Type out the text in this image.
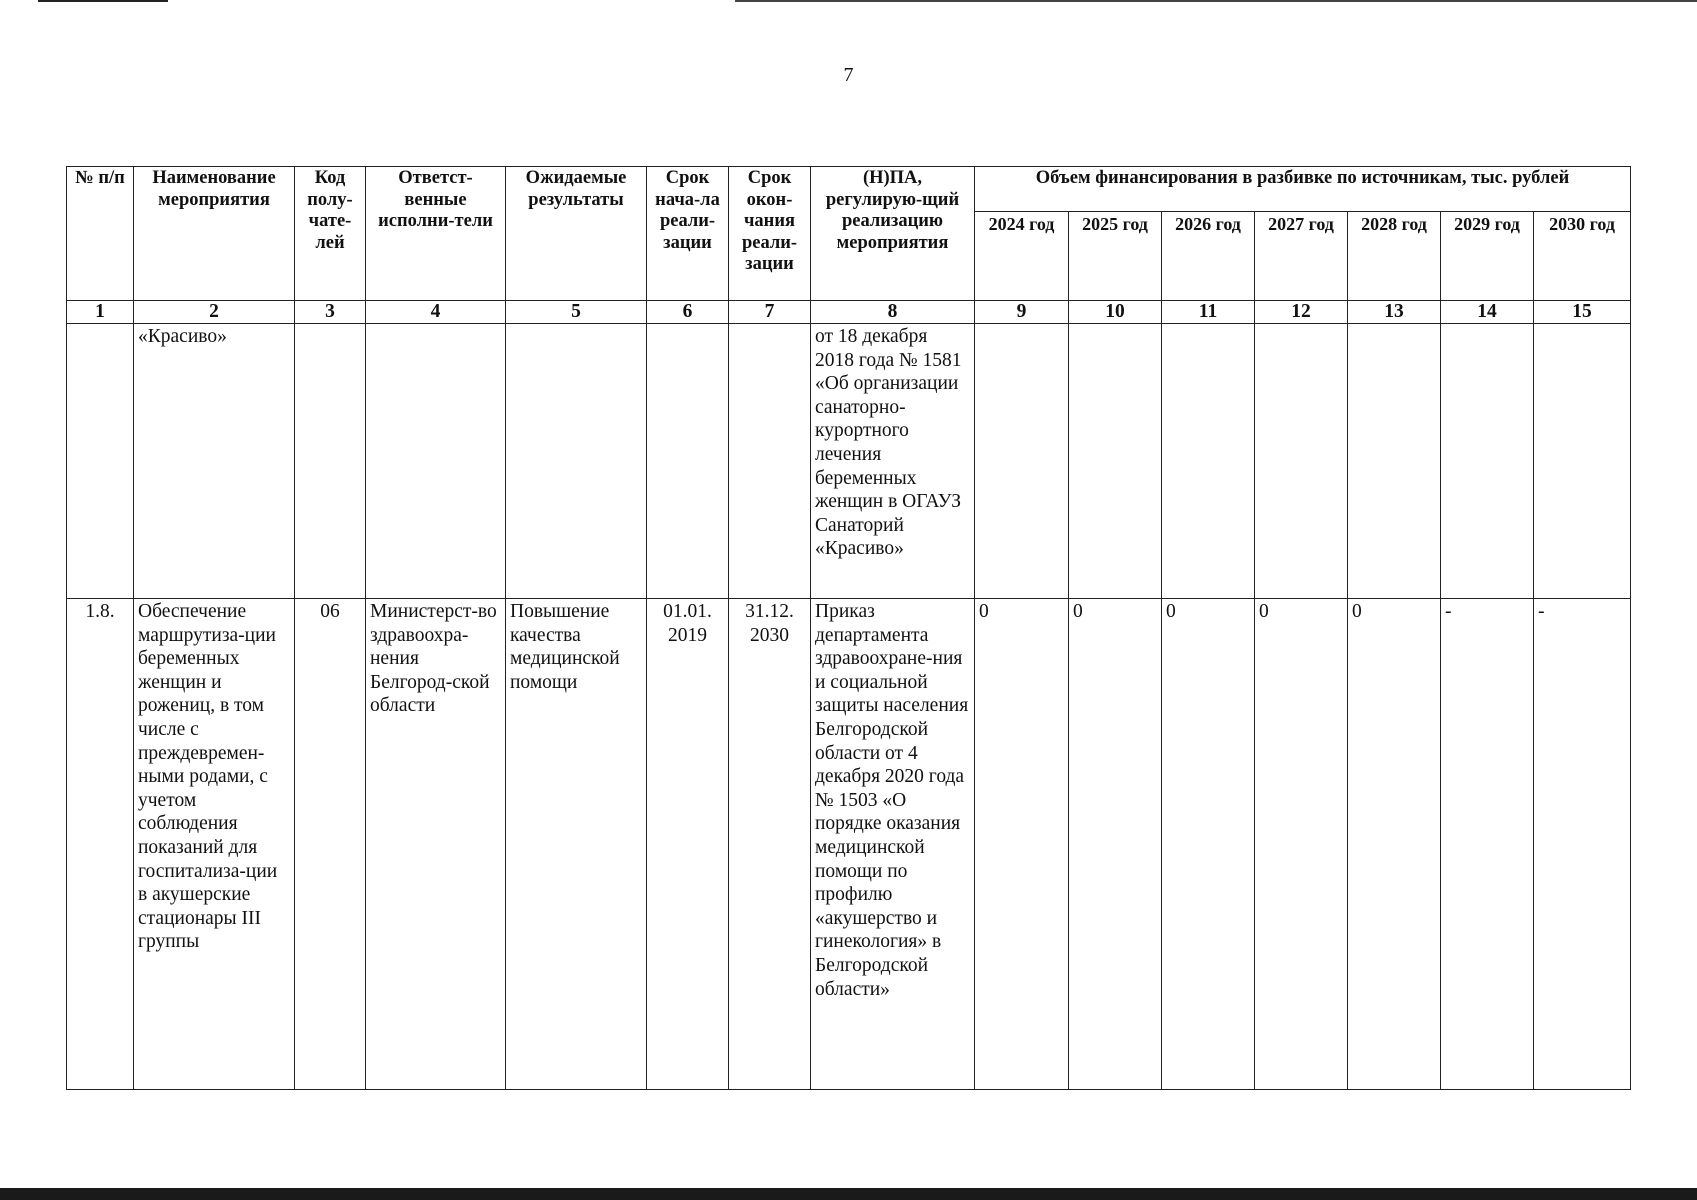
7
№ п/п	Наименование мероприятия	Код полу-чате-лей	Ответст-венные исполни-тели	Ожидаемые результаты	Срок нача-ла реали-зации	Срок окон-чания реали-зации	(Н)ПА, регулирую-щий реализацию мероприятия	Объем финансирования в разбивке по источникам, тыс. рублей						
								2024 год	2025 год	2026 год	2027 год	2028 год	2029 год	2030 год
1	2	3	4	5	6	7	8	9	10	11	12	13	14	15
	«Красиво»						от 18 декабря 2018 года № 1581 «Об организации санаторно-курортного лечения беременных женщин в ОГАУЗ Санаторий «Красиво»							
1.8.	Обеспечение маршрутиза-ции беременных женщин и рожениц, в том числе с преждевремен-ными родами, с учетом соблюдения показаний для госпитализа-ции в акушерские стационары III группы	06	Министерст-во здравоохра-нения Белгород-ской области	Повышение качества медицинской помощи	01.01. 2019	31.12. 2030	Приказ департамента здравоохране-ния и социальной защиты населения Белгородской области от 4 декабря 2020 года № 1503 «О порядке оказания медицинской помощи по профилю «акушерство и гинекология» в Белгородской области»	0	0	0	0	0	-	-
